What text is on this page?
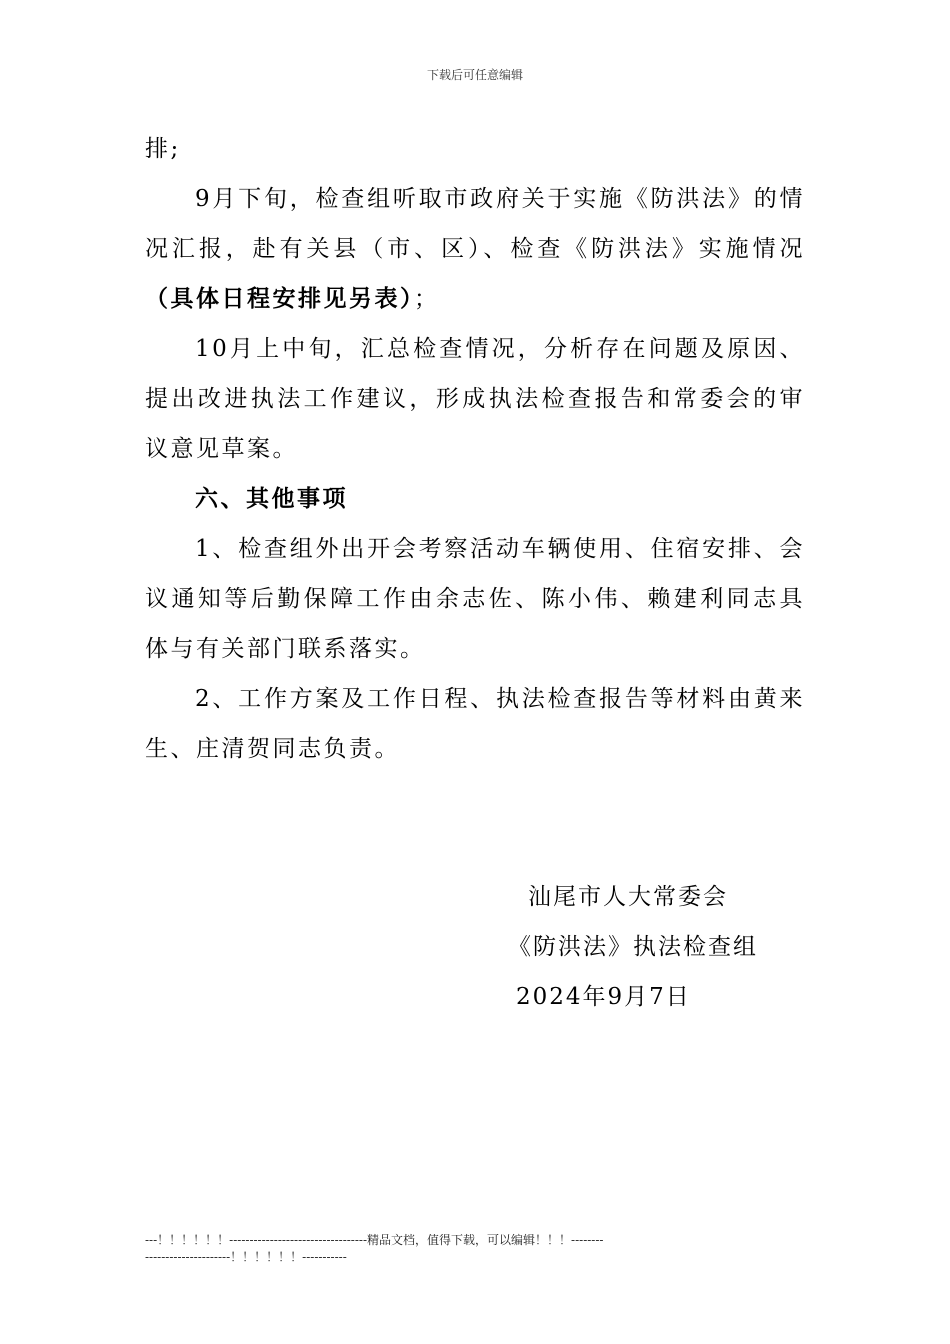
下载后可任意编辑

排;

9月下旬，检查组听取市政府关于实施《防洪法》的情况汇报，赴有关县（市、区）、检查《防洪法》实施情况（具体日程安排见另表）；

10月上中旬，汇总检查情况，分析存在问题及原因、提出改进执法工作建议，形成执法检查报告和常委会的审议意见草案。

六、其他事项

1、检查组外出开会考察活动车辆使用、住宿安排、会议通知等后勤保障工作由余志佐、陈小伟、赖建利同志具体与有关部门联系落实。

2、工作方案及工作日程、执法检查报告等材料由黄来生、庄清贺同志负责。

汕尾市人大常委会
《防洪法》执法检查组
2024年9月7日
---！！！！！！----------------------------------精品文档，值得下载，可以编辑！！！-----------------------------！！！！！！-----------
